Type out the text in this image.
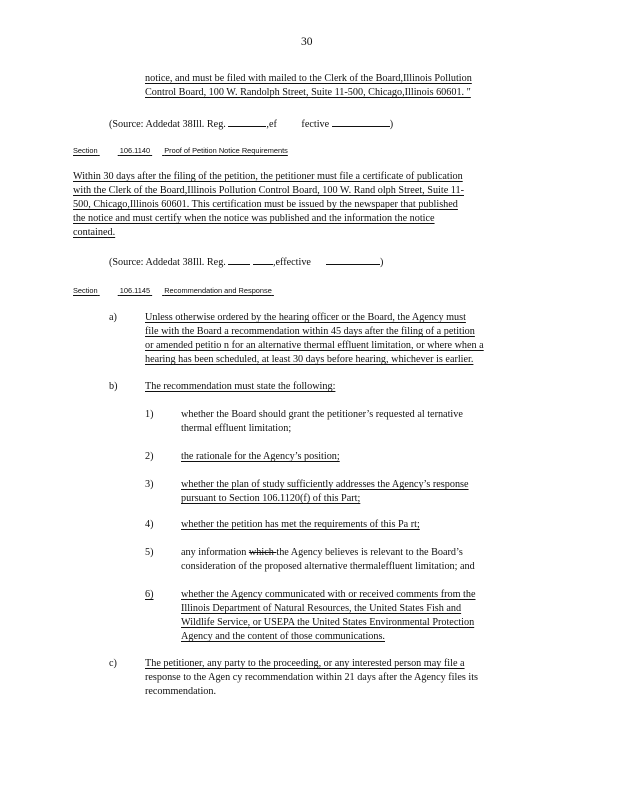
30
notice, and must be filed with mailed to the Clerk of the Board,Illinois Pollution
Control Board, 100 W. Randolph Street, Suite 11-500, Chicago,Illinois 60601. "
(Source: Addedat 38Ill. Reg.	,ef fective	)
Section	106.1140 Proof of Petition Notice Requirements
Within 30 days after the filing of the petition, the petitioner must file a certificate of publication
with the Clerk of the Board,Illinois Pollution Control Board, 100 W. Rand olph Street, Suite 11-
500, Chicago,Illinois 60601. This certification must be issued by the newspaper that published
the notice and must certify when the notice was published and the information the notice
contained.
(Source: Addedat 38Ill. Reg.	,effective	)
Section	106.1145 Recommendation and Response
a)	Unless otherwise ordered by the hearing officer or the Board, the Agency must
file with the Board a recommendation within 45 days after the filing of a petition
or amended petitio n for an alternative thermal effluent limitation, or where when a
hearing has been scheduled, at least 30 days before hearing, whichever is earlier.
b)	The recommendation must state the following:
1)	whether the Board should grant the petitioner’s requested al ternative
thermal effluent limitation;
2)	the rationale for the Agency’s position;
3)	whether the plan of study sufficiently addresses the Agency’s response
pursuant to Section 106.1120(f) of this Part;
4)	whether the petition has met the requirements of this Pa rt;
5)	any information which the Agency believes is relevant to the Board’s
consideration of the proposed alternative thermaleffluent limitation; and
6)	whether the Agency communicated with or received comments from the
Illinois Department of Natural Resources, the United States Fish and
Wildlife Service, or USEPA the United States Environmental Protection
Agency and the content of those communications.
c)	The petitioner, any party to the proceeding, or any interested person may file a
response to the Agen cy recommendation within 21 days after the Agency files its
recommendation.
